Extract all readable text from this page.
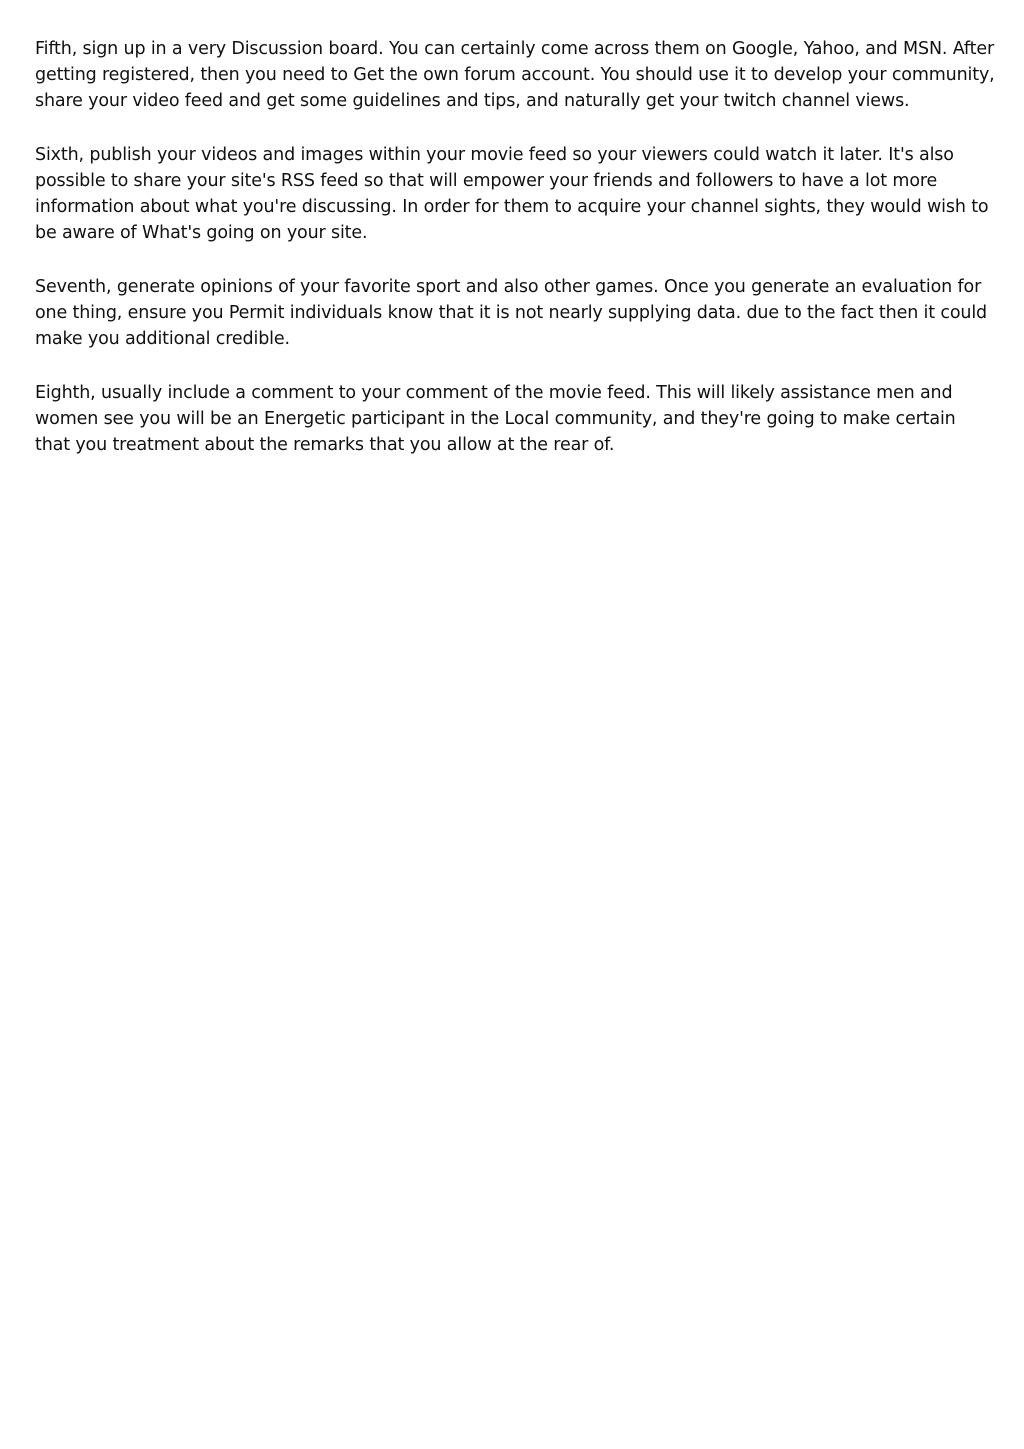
Fifth, sign up in a very Discussion board. You can certainly come across them on Google, Yahoo, and MSN. After getting registered, then you need to Get the own forum account. You should use it to develop your community, share your video feed and get some guidelines and tips, and naturally get your twitch channel views.

Sixth, publish your videos and images within your movie feed so your viewers could watch it later. It's also possible to share your site's RSS feed so that will empower your friends and followers to have a lot more information about what you're discussing. In order for them to acquire your channel sights, they would wish to be aware of What's going on your site.

Seventh, generate opinions of your favorite sport and also other games. Once you generate an evaluation for one thing, ensure you Permit individuals know that it is not nearly supplying data. due to the fact then it could make you additional credible.

Eighth, usually include a comment to your comment of the movie feed. This will likely assistance men and women see you will be an Energetic participant in the Local community, and they're going to make certain that you treatment about the remarks that you allow at the rear of.
